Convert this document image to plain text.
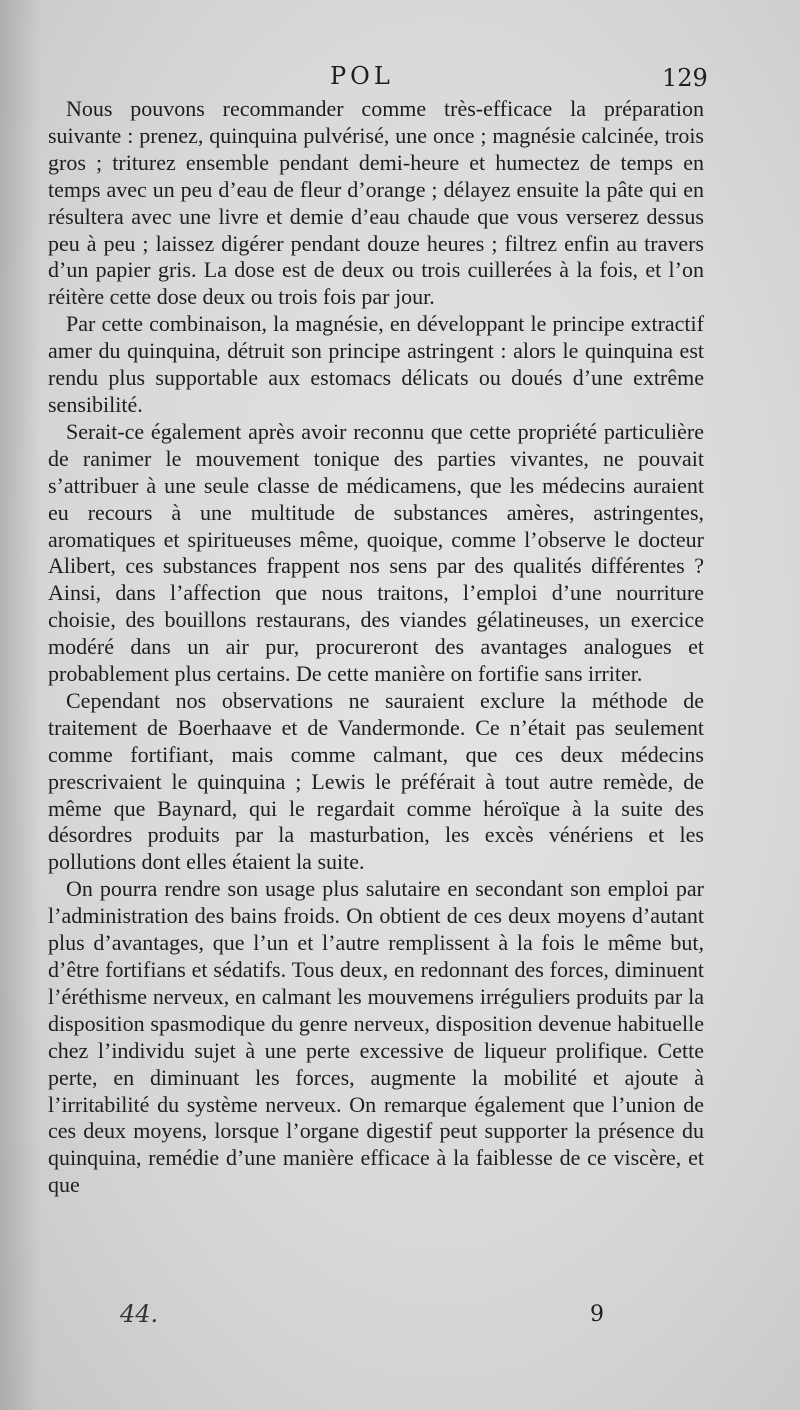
POL	129

Nous pouvons recommander comme très-efficace la préparation suivante : prenez, quinquina pulvérisé, une once ; magnésie calcinée, trois gros ; triturez ensemble pendant demi-heure et humectez de temps en temps avec un peu d’eau de fleur d’orange ; délayez ensuite la pâte qui en résultera avec une livre et demie d’eau chaude que vous verserez dessus peu à peu ; laissez digérer pendant douze heures ; filtrez enfin au travers d’un papier gris. La dose est de deux ou trois cuillerées à la fois, et l’on réitère cette dose deux ou trois fois par jour.

Par cette combinaison, la magnésie, en développant le principe extractif amer du quinquina, détruit son principe astringent : alors le quinquina est rendu plus supportable aux estomacs délicats ou doués d’une extrême sensibilité.

Serait-ce également après avoir reconnu que cette propriété particulière de ranimer le mouvement tonique des parties vivantes, ne pouvait s’attribuer à une seule classe de médicamens, que les médecins auraient eu recours à une multitude de substances amères, astringentes, aromatiques et spiritueuses même, quoique, comme l’observe le docteur Alibert, ces substances frappent nos sens par des qualités différentes ? Ainsi, dans l’affection que nous traitons, l’emploi d’une nourriture choisie, des bouillons restaurans, des viandes gélatineuses, un exercice modéré dans un air pur, procureront des avantages analogues et probablement plus certains. De cette manière on fortifie sans irriter.

Cependant nos observations ne sauraient exclure la méthode de traitement de Boerhaave et de Vandermonde. Ce n’était pas seulement comme fortifiant, mais comme calmant, que ces deux médecins prescrivaient le quinquina ; Lewis le préférait à tout autre remède, de même que Baynard, qui le regardait comme héroïque à la suite des désordres produits par la masturbation, les excès vénériens et les pollutions dont elles étaient la suite.

On pourra rendre son usage plus salutaire en secondant son emploi par l’administration des bains froids. On obtient de ces deux moyens d’autant plus d’avantages, que l’un et l’autre remplissent à la fois le même but, d’être fortifians et sédatifs. Tous deux, en redonnant des forces, diminuent l’éréthisme nerveux, en calmant les mouvemens irréguliers produits par la disposition spasmodique du genre nerveux, disposition devenue habituelle chez l’individu sujet à une perte excessive de liqueur prolifique. Cette perte, en diminuant les forces, augmente la mobilité et ajoute à l’irritabilité du système nerveux. On remarque également que l’union de ces deux moyens, lorsque l’organe digestif peut supporter la présence du quinquina, remédie d’une manière efficace à la faiblesse de ce viscère, et que

44.	9
